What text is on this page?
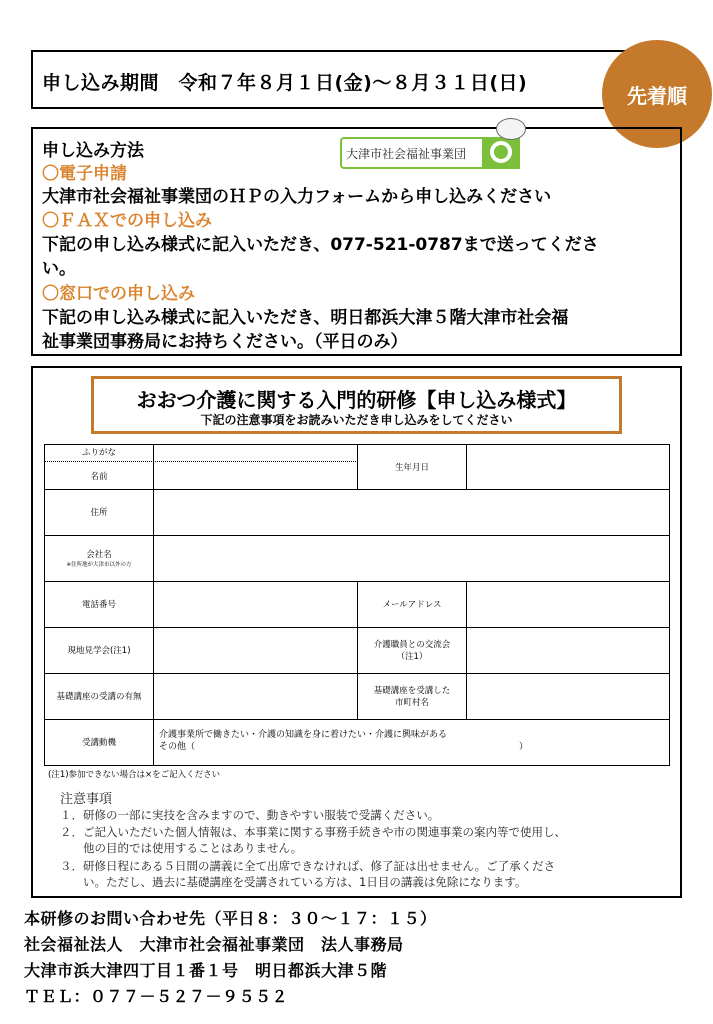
申し込み期間　令和７年８月１日(金)～８月３１日(日)
先着順
申し込み方法	大津市社会福祉事業団
〇電子申請
大津市社会福祉事業団のＨＰの入力フォームから申し込みください
〇ＦＡＸでの申し込み
下記の申し込み様式に記入いただき、077-521-0787まで送ってくださ
い。
〇窓口での申し込み
下記の申し込み様式に記入いただき、明日都浜大津５階大津市社会福
祉事業団事務局にお持ちください。（平日のみ）
おおつ介護に関する入門的研修【申し込み様式】
下記の注意事項をお読みいただき申し込みをしてください
ふりがな
名前
生年月日
住所
会社名
※住所地が大津市以外の方
電話番号	メールアドレス
現地見学会(注1)
介護職員との交流会
（注1）
基礎講座の受講の有無
基礎講座を受講した
市町村名
受講動機
介護事業所で働きたい・介護の知識を身に着けたい・介護に興味がある
その他（　　　　　　　　　　　　　　　　　　　　　　　　　　　　　　　　　　　　）
(注1)参加できない場合は×をご記入ください
注意事項
１．研修の一部に実技を含みますので、動きやすい服装で受講ください。
２．ご記入いただいた個人情報は、本事業に関する事務手続きや市の関連事業の案内等で使用し、
　　他の目的では使用することはありません。
３．研修日程にある５日間の講義に全て出席できなければ、修了証は出せません。ご了承くださ
　　い。ただし、過去に基礎講座を受講されている方は、1日目の講義は免除になります。
本研修のお問い合わせ先（平日８：３０～１７：１５）
社会福祉法人　大津市社会福祉事業団　法人事務局
大津市浜大津四丁目１番１号　明日都浜大津５階
ＴＥＬ：０７７－５２７－９５５２
